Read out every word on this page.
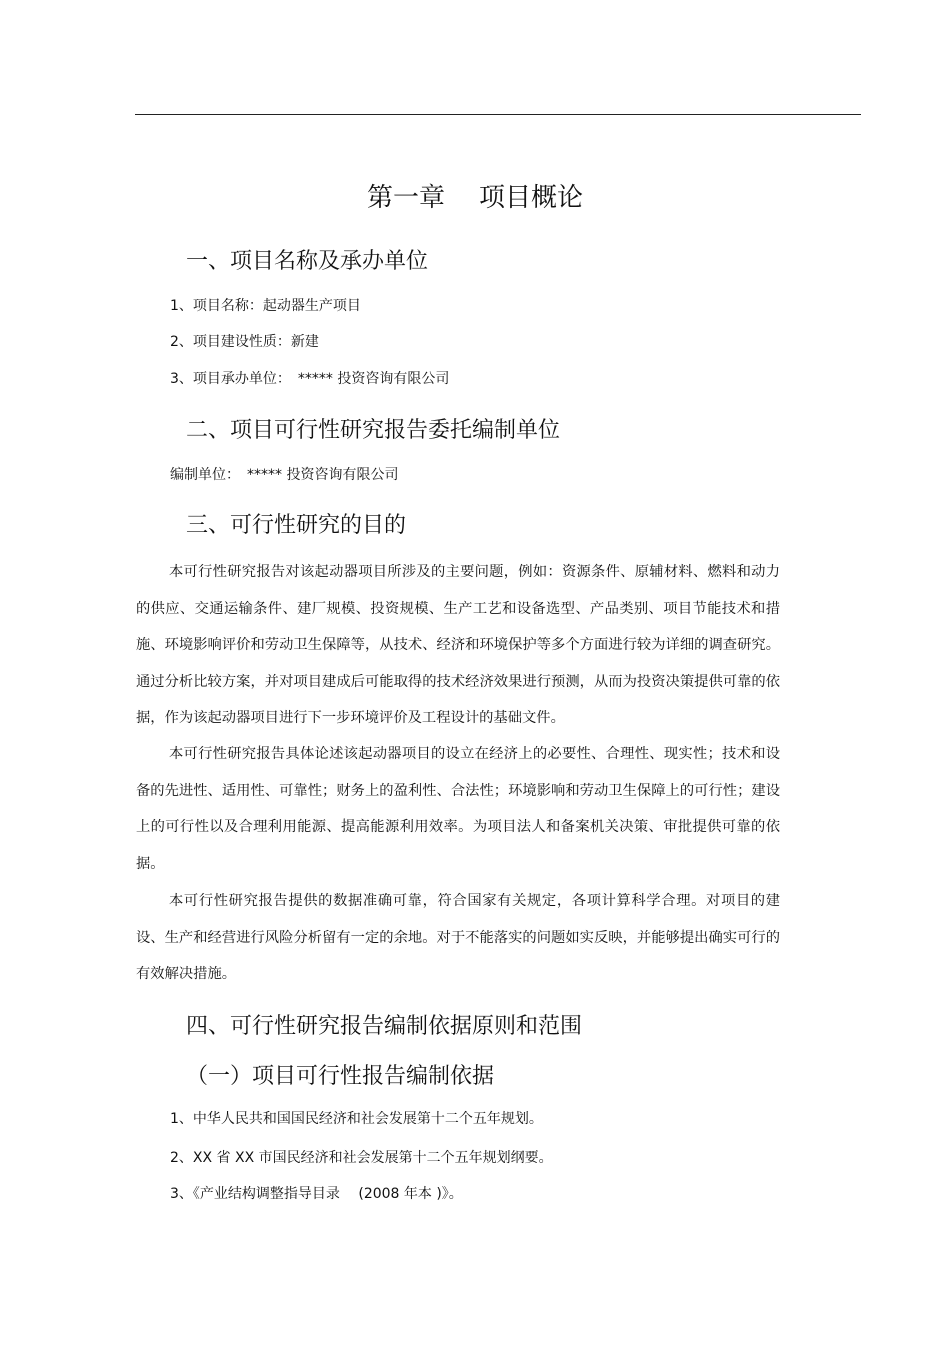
第一章 项目概论
一、项目名称及承办单位
1、项目名称：起动器生产项目
2、项目建设性质：新建
3、项目承办单位：　***** 投资咨询有限公司
二、项目可行性研究报告委托编制单位
编制单位：　***** 投资咨询有限公司
三、可行性研究的目的
本可行性研究报告对该起动器项目所涉及的主要问题，例如：资源条件、原辅材料、燃料和动力的供应、交通运输条件、建厂规模、投资规模、生产工艺和设备选型、产品类别、项目节能技术和措施、环境影响评价和劳动卫生保障等，从技术、经济和环境保护等多个方面进行较为详细的调查研究。通过分析比较方案，并对项目建成后可能取得的技术经济效果进行预测，从而为投资决策提供可靠的依据，作为该起动器项目进行下一步环境评价及工程设计的基础文件。
本可行性研究报告具体论述该起动器项目的设立在经济上的必要性、合理性、现实性；技术和设备的先进性、适用性、可靠性；财务上的盈利性、合法性；环境影响和劳动卫生保障上的可行性；建设上的可行性以及合理利用能源、提高能源利用效率。为项目法人和备案机关决策、审批提供可靠的依据。
本可行性研究报告提供的数据准确可靠，符合国家有关规定，各项计算科学合理。对项目的建设、生产和经营进行风险分析留有一定的余地。对于不能落实的问题如实反映，并能够提出确实可行的有效解决措施。
四、可行性研究报告编制依据原则和范围
（一）项目可行性报告编制依据
1、中华人民共和国国民经济和社会发展第十二个五年规划。
2、XX 省 XX 市国民经济和社会发展第十二个五年规划纲要。
3、《产业结构调整指导目录　 (2008 年本 )》。
